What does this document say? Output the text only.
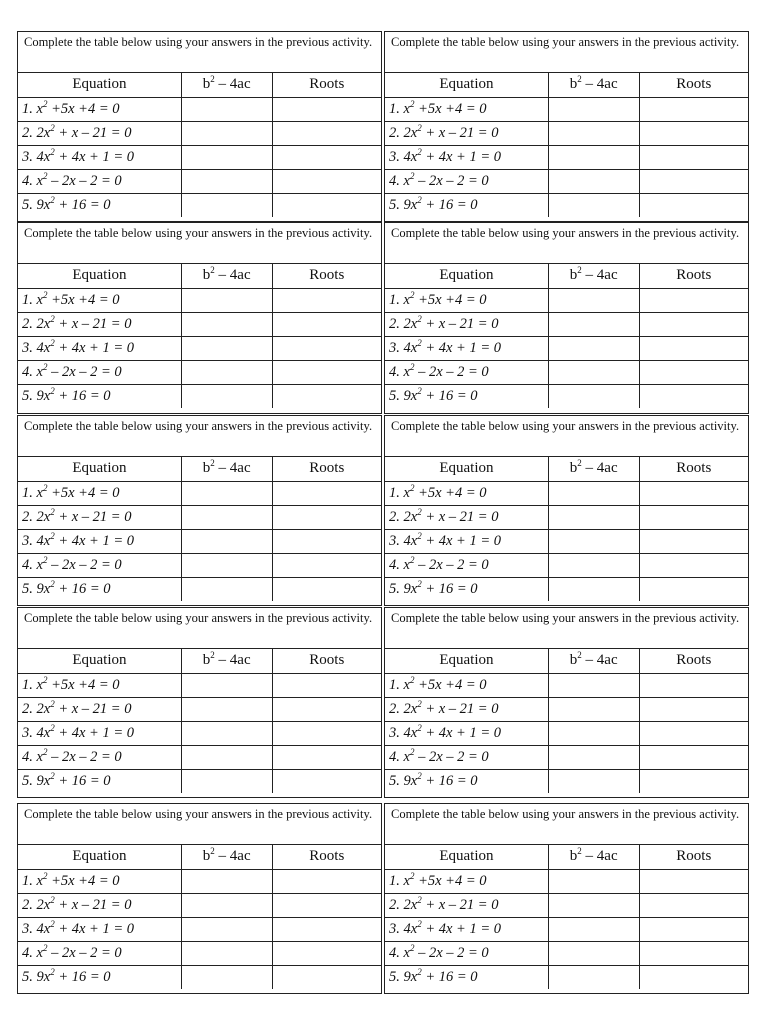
Complete the table below using your answers in the previous activity.
Equation	$b^2 - 4ac$	Roots
1. $x^2 +5x +4 = 0$		
2. $2x^2 + x - 21 = 0$		
3. $4x^2 + 4x + 1 = 0$		
4. $x^2 - 2x - 2 = 0$		
5. $9x^2 + 16 = 0$		
Complete the table below using your answers in the previous activity.
Equation	$b^2 - 4ac$	Roots
1. $x^2 +5x +4 = 0$		
2. $2x^2 + x - 21 = 0$		
3. $4x^2 + 4x + 1 = 0$		
4. $x^2 - 2x - 2 = 0$		
5. $9x^2 + 16 = 0$		
Complete the table below using your answers in the previous activity.
Equation	$b^2 - 4ac$	Roots
1. $x^2 +5x +4 = 0$		
2. $2x^2 + x - 21 = 0$		
3. $4x^2 + 4x + 1 = 0$		
4. $x^2 - 2x - 2 = 0$		
5. $9x^2 + 16 = 0$		
Complete the table below using your answers in the previous activity.
Equation	$b^2 - 4ac$	Roots
1. $x^2 +5x +4 = 0$		
2. $2x^2 + x - 21 = 0$		
3. $4x^2 + 4x + 1 = 0$		
4. $x^2 - 2x - 2 = 0$		
5. $9x^2 + 16 = 0$		
Complete the table below using your answers in the previous activity.
Equation	$b^2 - 4ac$	Roots
1. $x^2 +5x +4 = 0$		
2. $2x^2 + x - 21 = 0$		
3. $4x^2 + 4x + 1 = 0$		
4. $x^2 - 2x - 2 = 0$		
5. $9x^2 + 16 = 0$		
Complete the table below using your answers in the previous activity.
Equation	$b^2 - 4ac$	Roots
1. $x^2 +5x +4 = 0$		
2. $2x^2 + x - 21 = 0$		
3. $4x^2 + 4x + 1 = 0$		
4. $x^2 - 2x - 2 = 0$		
5. $9x^2 + 16 = 0$		
Complete the table below using your answers in the previous activity.
Equation	$b^2 - 4ac$	Roots
1. $x^2 +5x +4 = 0$		
2. $2x^2 + x - 21 = 0$		
3. $4x^2 + 4x + 1 = 0$		
4. $x^2 - 2x - 2 = 0$		
5. $9x^2 + 16 = 0$		
Complete the table below using your answers in the previous activity.
Equation	$b^2 - 4ac$	Roots
1. $x^2 +5x +4 = 0$		
2. $2x^2 + x - 21 = 0$		
3. $4x^2 + 4x + 1 = 0$		
4. $x^2 - 2x - 2 = 0$		
5. $9x^2 + 16 = 0$		
Complete the table below using your answers in the previous activity.
Equation	$b^2 - 4ac$	Roots
1. $x^2 +5x +4 = 0$		
2. $2x^2 + x - 21 = 0$		
3. $4x^2 + 4x + 1 = 0$		
4. $x^2 - 2x - 2 = 0$		
5. $9x^2 + 16 = 0$		
Complete the table below using your answers in the previous activity.
Equation	$b^2 - 4ac$	Roots
1. $x^2 +5x +4 = 0$		
2. $2x^2 + x - 21 = 0$		
3. $4x^2 + 4x + 1 = 0$		
4. $x^2 - 2x - 2 = 0$		
5. $9x^2 + 16 = 0$		
